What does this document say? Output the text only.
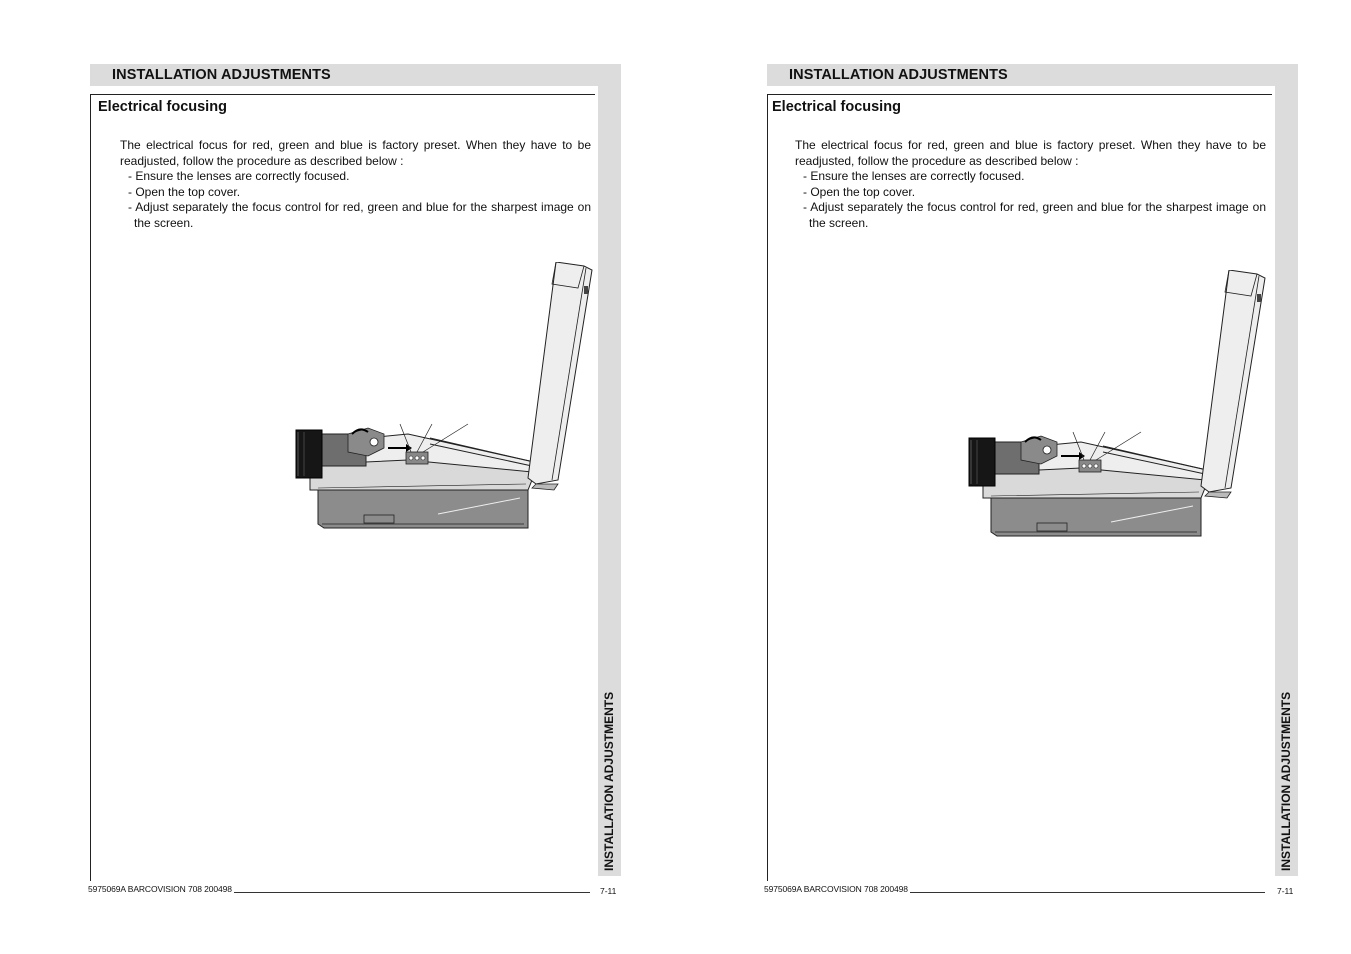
INSTALLATION ADJUSTMENTS
INSTALLATION ADJUSTMENTS
Electrical focusing
The electrical focus for red, green and blue is factory preset. When they have to be readjusted, follow the procedure as described below :
- Ensure the lenses are correctly focused.
- Open the top cover.
- Adjust separately the focus control for red, green and blue for the sharpest image on the screen.
5975069A BARCOVISION 708 200498	7-11
INSTALLATION ADJUSTMENTS
INSTALLATION ADJUSTMENTS
Electrical focusing
The electrical focus for red, green and blue is factory preset. When they have to be readjusted, follow the procedure as described below :
- Ensure the lenses are correctly focused.
- Open the top cover.
- Adjust separately the focus control for red, green and blue for the sharpest image on the screen.
5975069A BARCOVISION 708 200498	7-11
